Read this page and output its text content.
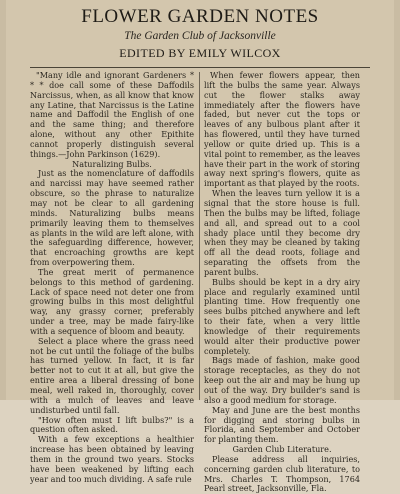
FLOWER GARDEN NOTES
The Garden Club of Jacksonville
EDITED BY EMILY WILCOX

"Many idle and ignorant Gardeners * * * doe call some of these Daffodils Narcissus, when, as all know that know any Latine, that Narcissus is the Latine name and Daffodil the English of one and the same thing; and therefore alone, without any other Epithite cannot properly distinguish several things.—John Parkinson (1629).

Naturalizing Bulbs.

Just as the nomenclature of daffodils and narcissi may have seemed rather obscure, so the phrase to naturalize may not be clear to all gardening minds. Naturalizing bulbs means primarily leaving them to themselves as plants in the wild are left alone, with the safeguarding difference, however, that encroaching growths are kept from overpowering them.

The great merit of permanence belongs to this method of gardening. Lack of space need not deter one from growing bulbs in this most delightful way, any grassy corner, preferably under a tree, may be made fairy-like with a sequence of bloom and beauty.

Select a place where the grass need not be cut until the foliage of the bulbs has turned yellow. In fact, it is far better not to cut it at all, but give the entire area a liberal dressing of bone meal, well raked in, thoroughly, cover with a mulch of leaves and leave undisturbed until fall.

"How often must I lift bulbs?" is a question often asked.

With a few exceptions a healthier increase has been obtained by leaving them in the ground two years. Stocks have been weakened by lifting each year and too much dividing. A safe rule

When fewer flowers appear, then lift the bulbs the same year. Always cut the flower stalks away immediately after the flowers have faded, but never cut the tops or leaves of any bulbous plant after it has flowered, until they have turned yellow or quite dried up. This is a vital point to remember, as the leaves have their part in the work of storing away next spring's flowers, quite as important as that played by the roots.

When the leaves turn yellow it is a signal that the store house is full. Then the bulbs may be lifted, foliage and all, and spread out to a cool shady place until they become dry when they may be cleaned by taking off all the dead roots, foliage and separating the offsets from the parent bulbs.

Bulbs should be kept in a dry airy place and regularly examined until planting time. How frequently one sees bulbs pitched anywhere and left to their fate, when a very little knowledge of their requirements would alter their productive power completely.

Bags made of fashion, make good storage receptacles, as they do not keep out the air and may be hung up out of the way. Dry builder's sand is also a good medium for storage.

May and June are the best months for digging and storing bulbs in Florida, and September and October for planting them.

Garden Club Literature.

Please address all inquiries, concerning garden club literature, to Mrs. Charles T. Thompson, 1764 Pearl street, Jacksonville, Fla.
